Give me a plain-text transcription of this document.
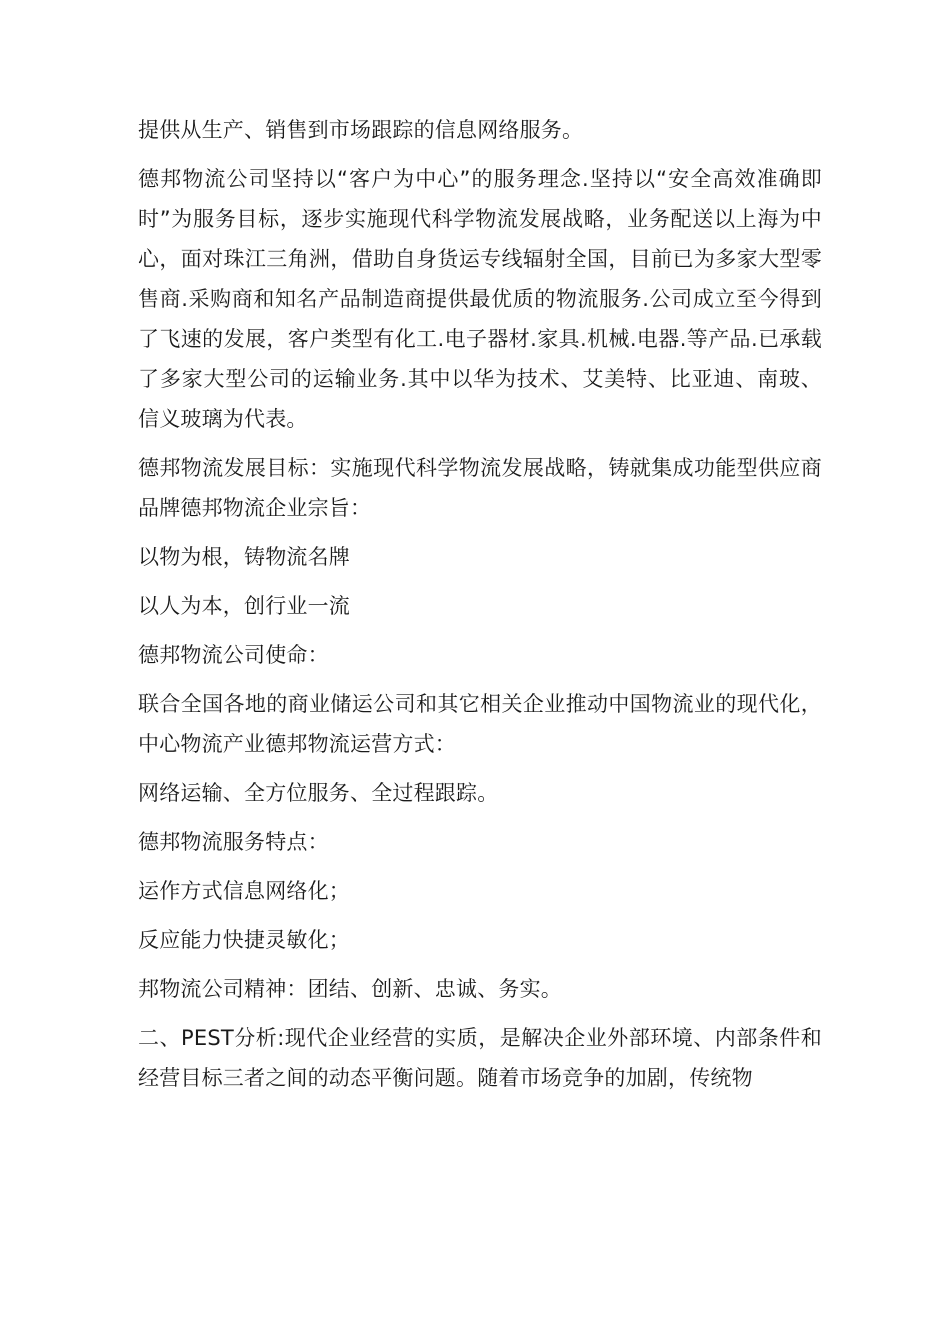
提供从生产、销售到市场跟踪的信息网络服务。

德邦物流公司坚持以“客户为中心”的服务理念.坚持以“安全高效准确即时”为服务目标，逐步实施现代科学物流发展战略，业务配送以上海为中心，面对珠江三角洲，借助自身货运专线辐射全国，目前已为多家大型零售商.采购商和知名产品制造商提供最优质的物流服务.公司成立至今得到了飞速的发展，客户类型有化工.电子器材.家具.机械.电器.等产品.已承载了多家大型公司的运输业务.其中以华为技术、艾美特、比亚迪、南玻、信义玻璃为代表。

德邦物流发展目标：实施现代科学物流发展战略，铸就集成功能型供应商品牌德邦物流企业宗旨：

以物为根，铸物流名牌

以人为本，创行业一流

德邦物流公司使命：

联合全国各地的商业储运公司和其它相关企业推动中国物流业的现代化，中心物流产业德邦物流运营方式：

网络运输、全方位服务、全过程跟踪。

德邦物流服务特点：

运作方式信息网络化；

反应能力快捷灵敏化；

邦物流公司精神：团结、创新、忠诚、务实。

二、PEST分析:现代企业经营的实质，是解决企业外部环境、内部条件和经营目标三者之间的动态平衡问题。随着市场竞争的加剧，传统物
